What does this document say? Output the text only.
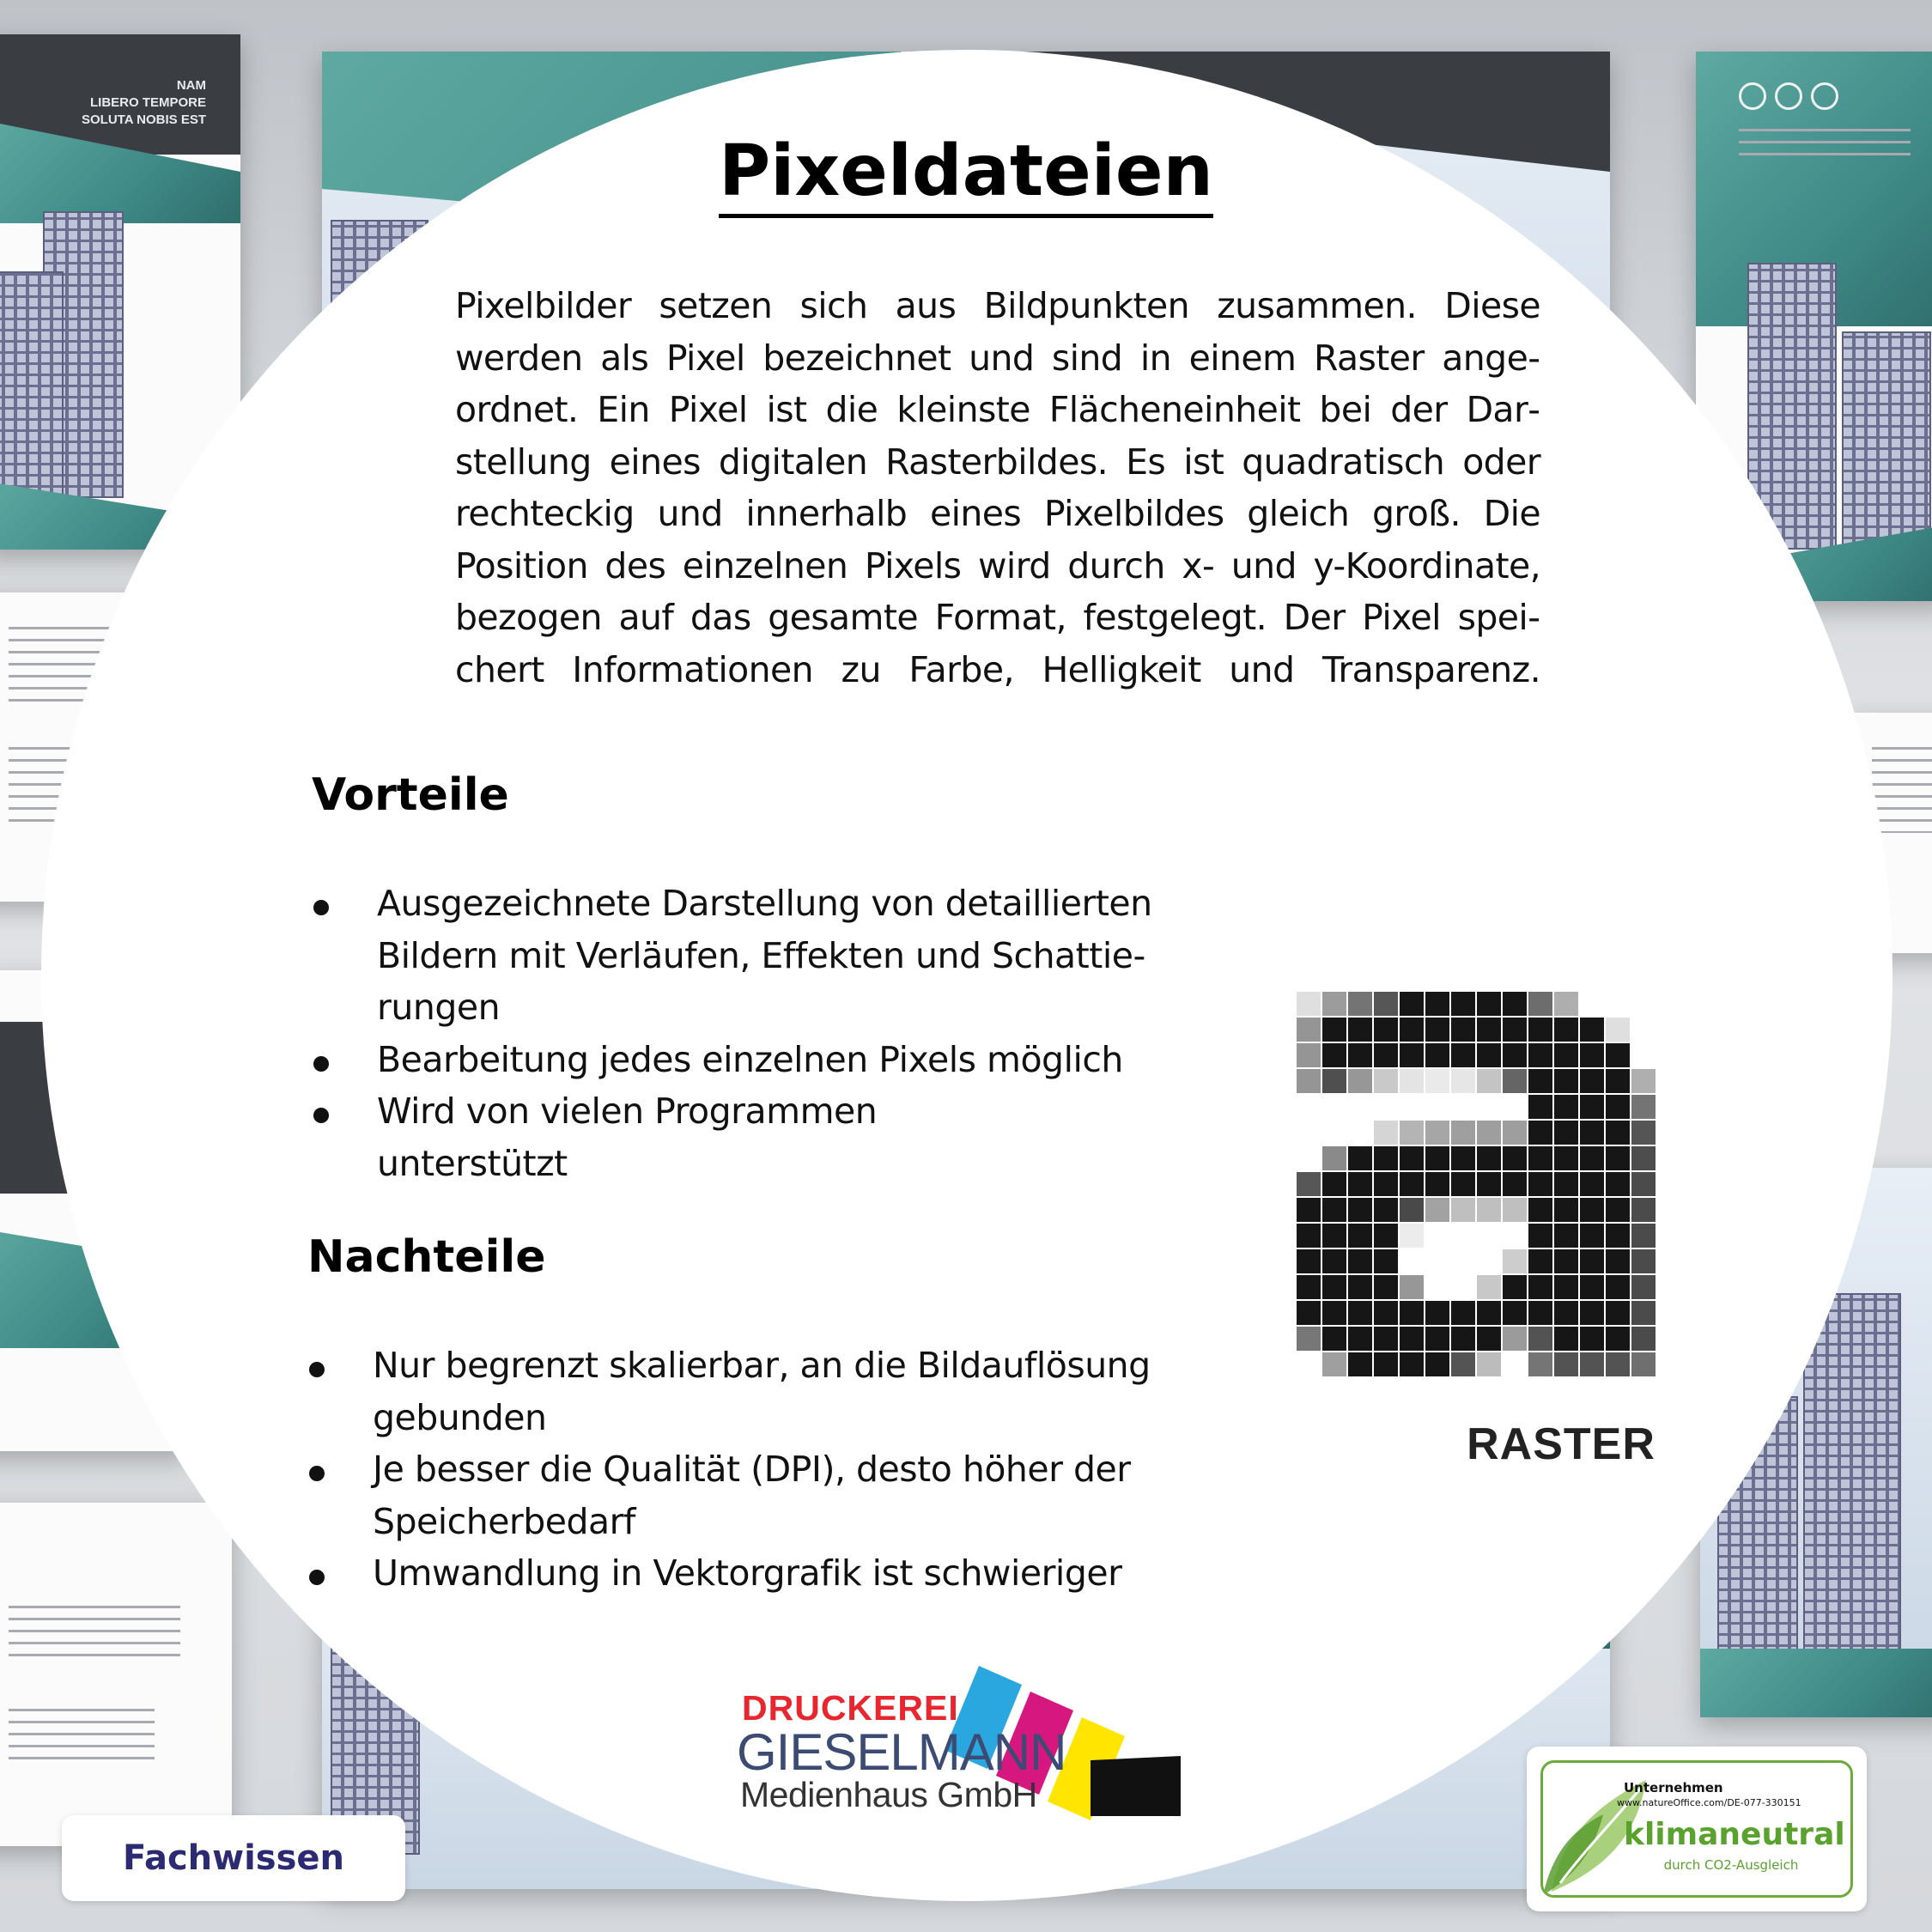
NAM
LIBERO TEMPORE
SOLUTA NOBIS EST
Pixeldateien

Pixelbilder setzen sich aus Bildpunkten zusammen. Diese werden als Pixel bezeichnet und sind in einem Raster angeordnet. Ein Pixel ist die kleinste Flächeneinheit bei der Darstellung eines digitalen Rasterbildes. Es ist quadratisch oder rechteckig und innerhalb eines Pixelbildes gleich groß. Die Position des einzelnen Pixels wird durch x- und y-Koordinate, bezogen auf das gesamte Format, festgelegt. Der Pixel speichert Informationen zu Farbe, Helligkeit und Transparenz.

Vorteile
Ausgezeichnete Darstellung von detaillierten Bildern mit Verläufen, Effekten und Schattierungen
Bearbeitung jedes einzelnen Pixels möglich
Wird von vielen Programmen unterstützt
Nachteile
Nur begrenzt skalierbar, an die Bildauflösung gebunden
Je besser die Qualität (DPI), desto höher der Speicherbedarf
Umwandlung in Vektorgrafik ist schwieriger

RASTER

DRUCKEREI

GIESELMANN

Medienhaus GmbH

Fachwissen

Unternehmen

www.natureOffice.com/DE-077-330151

klimaneutral

durch CO2-Ausgleich
